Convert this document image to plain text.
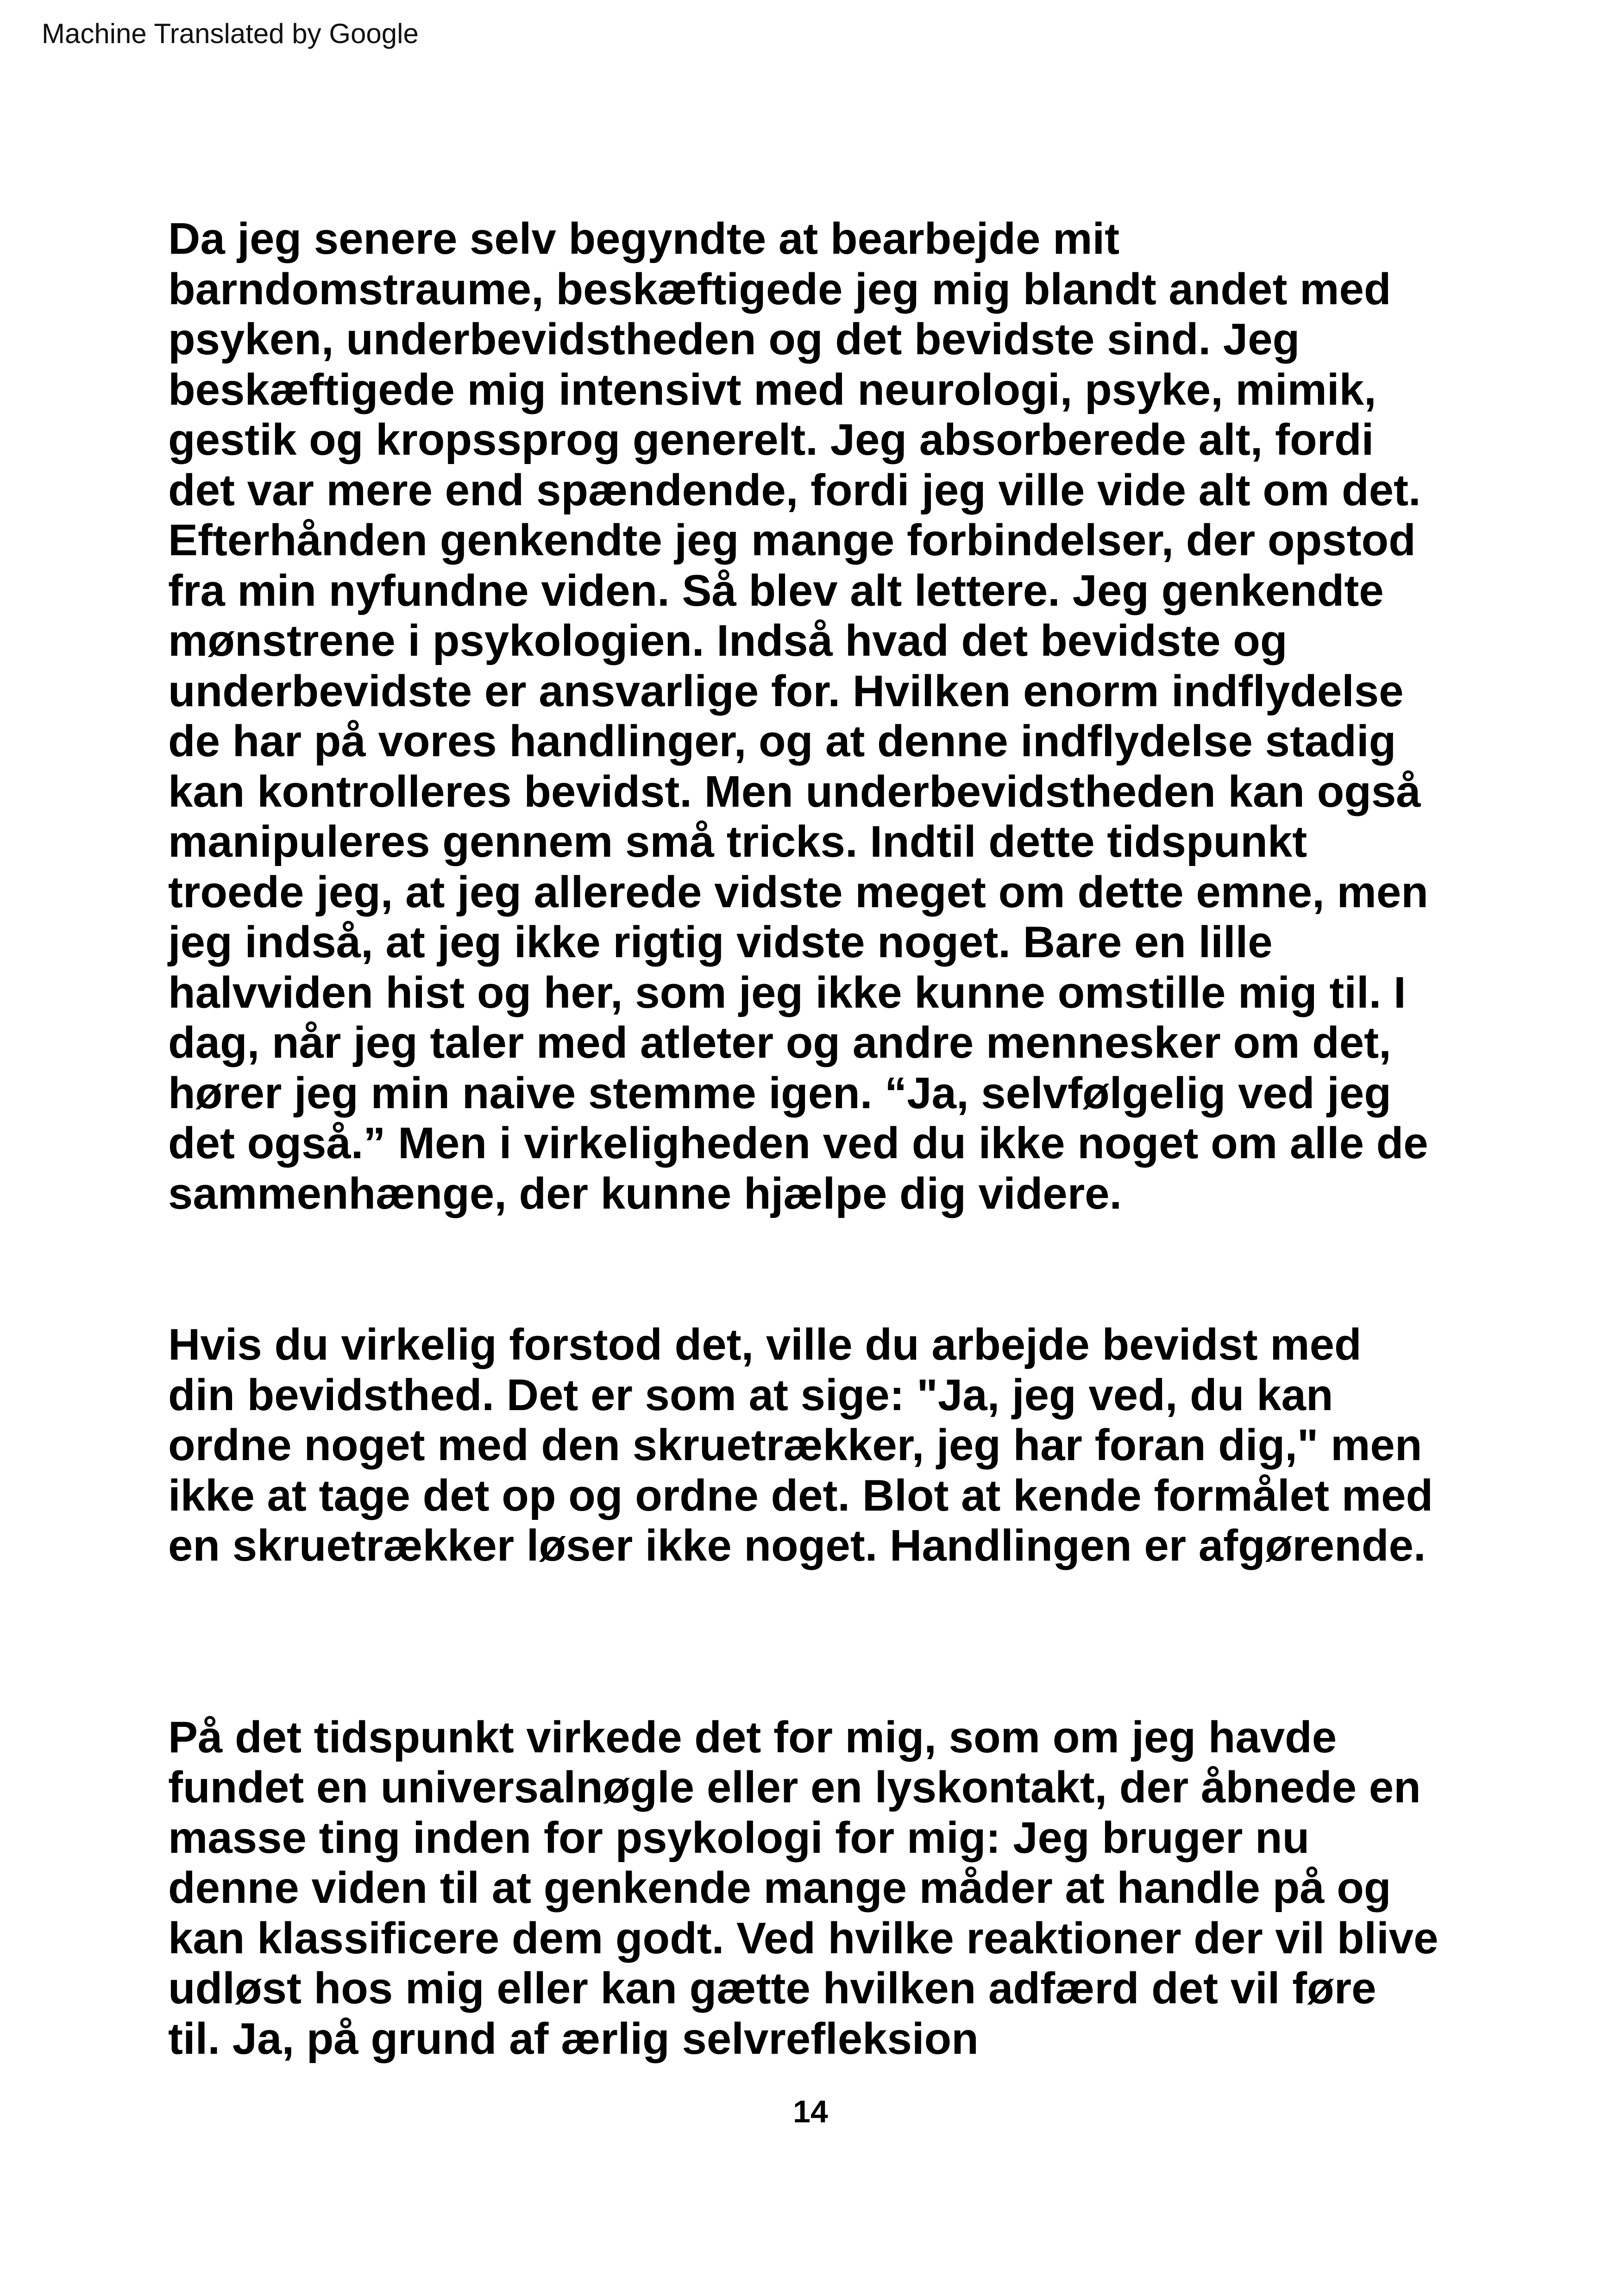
Machine Translated by Google

Da jeg senere selv begyndte at bearbejde mit
barndomstraume, beskæftigede jeg mig blandt andet med
psyken, underbevidstheden og det bevidste sind. Jeg
beskæftigede mig intensivt med neurologi, psyke, mimik,
gestik og kropssprog generelt. Jeg absorberede alt, fordi
det var mere end spændende, fordi jeg ville vide alt om det.
Efterhånden genkendte jeg mange forbindelser, der opstod
fra min nyfundne viden. Så blev alt lettere. Jeg genkendte
mønstrene i psykologien. Indså hvad det bevidste og
underbevidste er ansvarlige for. Hvilken enorm indflydelse
de har på vores handlinger, og at denne indflydelse stadig
kan kontrolleres bevidst. Men underbevidstheden kan også
manipuleres gennem små tricks. Indtil dette tidspunkt
troede jeg, at jeg allerede vidste meget om dette emne, men
jeg indså, at jeg ikke rigtig vidste noget. Bare en lille
halvviden hist og her, som jeg ikke kunne omstille mig til. I
dag, når jeg taler med atleter og andre mennesker om det,
hører jeg min naive stemme igen. “Ja, selvfølgelig ved jeg
det også.” Men i virkeligheden ved du ikke noget om alle de
sammenhænge, der kunne hjælpe dig videre.

Hvis du virkelig forstod det, ville du arbejde bevidst med
din bevidsthed. Det er som at sige: "Ja, jeg ved, du kan
ordne noget med den skruetrækker, jeg har foran dig," men
ikke at tage det op og ordne det. Blot at kende formålet med
en skruetrækker løser ikke noget. Handlingen er afgørende.

På det tidspunkt virkede det for mig, som om jeg havde
fundet en universalnøgle eller en lyskontakt, der åbnede en
masse ting inden for psykologi for mig: Jeg bruger nu
denne viden til at genkende mange måder at handle på og
kan klassificere dem godt. Ved hvilke reaktioner der vil blive
udløst hos mig eller kan gætte hvilken adfærd det vil føre
til. Ja, på grund af ærlig selvrefleksion

14
